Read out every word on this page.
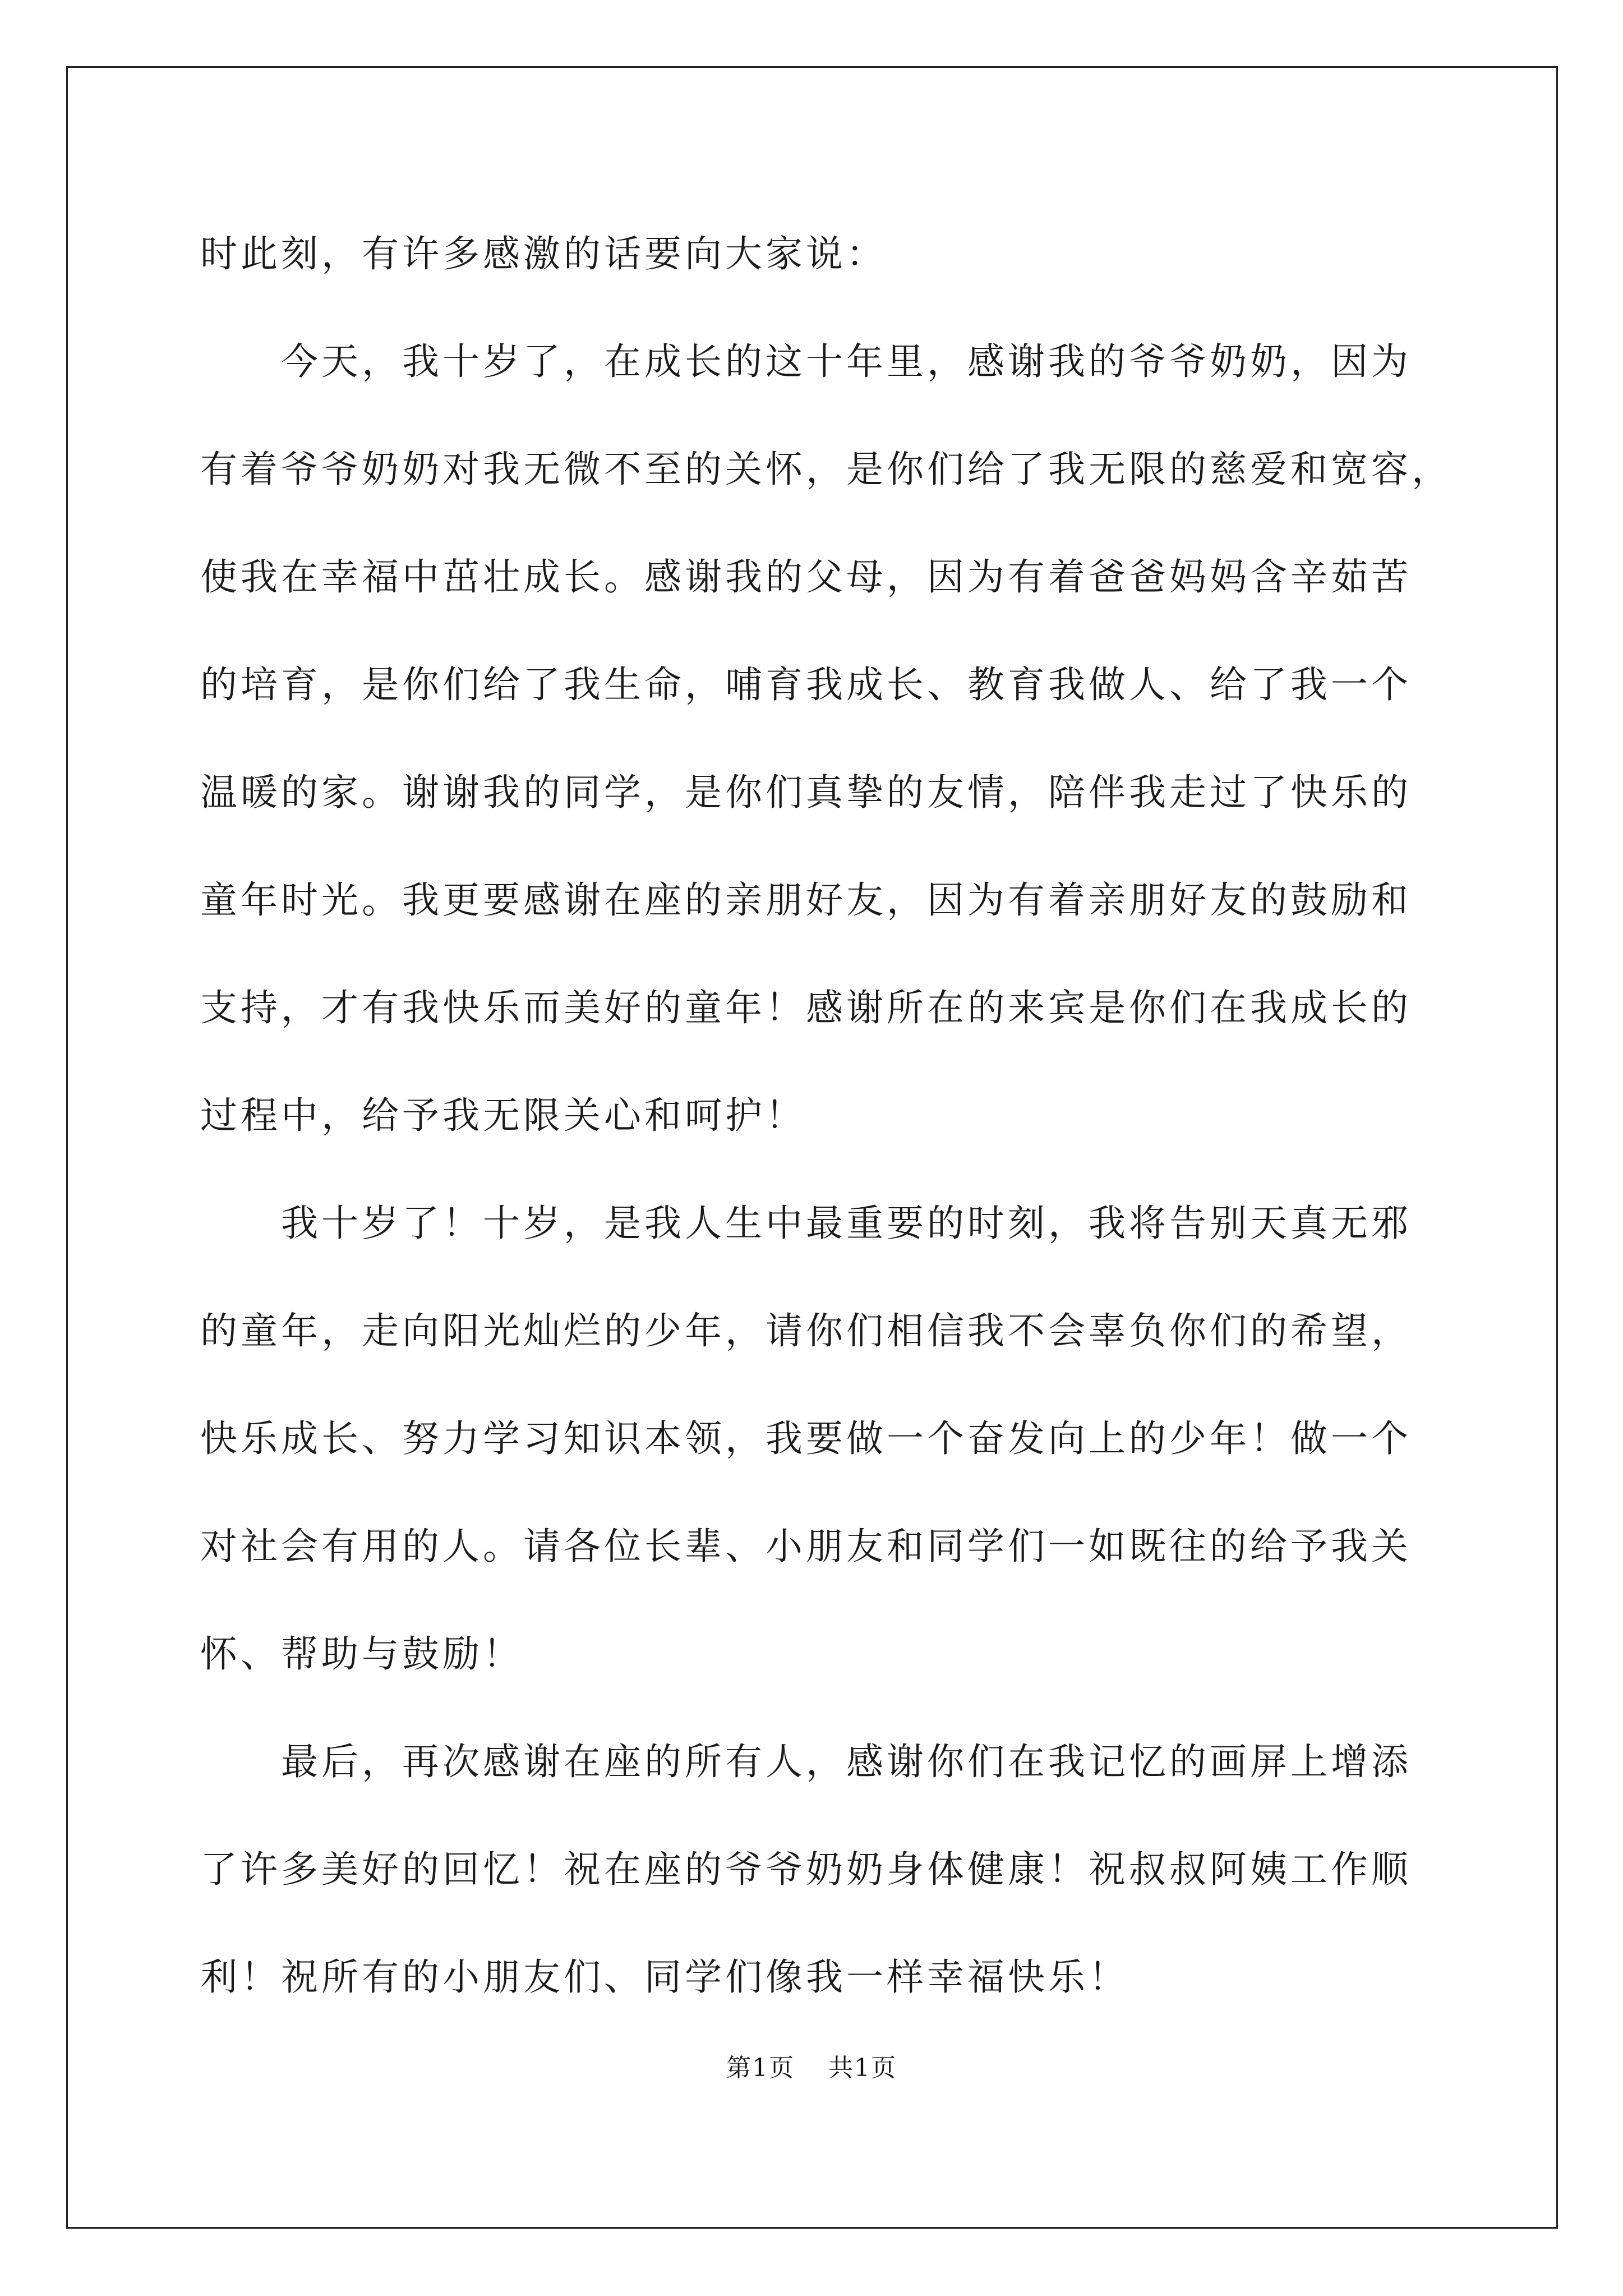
时此刻，有许多感激的话要向大家说：
　　今天，我十岁了，在成长的这十年里，感谢我的爷爷奶奶，因为
有着爷爷奶奶对我无微不至的关怀，是你们给了我无限的慈爱和宽容，
使我在幸福中茁壮成长。感谢我的父母，因为有着爸爸妈妈含辛茹苦
的培育，是你们给了我生命，哺育我成长、教育我做人、给了我一个
温暖的家。谢谢我的同学，是你们真挚的友情，陪伴我走过了快乐的
童年时光。我更要感谢在座的亲朋好友，因为有着亲朋好友的鼓励和
支持，才有我快乐而美好的童年！感谢所在的来宾是你们在我成长的
过程中，给予我无限关心和呵护！
　　我十岁了！十岁，是我人生中最重要的时刻，我将告别天真无邪
的童年，走向阳光灿烂的少年，请你们相信我不会辜负你们的希望，
快乐成长、努力学习知识本领，我要做一个奋发向上的少年！做一个
对社会有用的人。请各位长辈、小朋友和同学们一如既往的给予我关
怀、帮助与鼓励！
　　最后，再次感谢在座的所有人，感谢你们在我记忆的画屏上增添
了许多美好的回忆！祝在座的爷爷奶奶身体健康！祝叔叔阿姨工作顺
利！祝所有的小朋友们、同学们像我一样幸福快乐！
第1页 共1页
